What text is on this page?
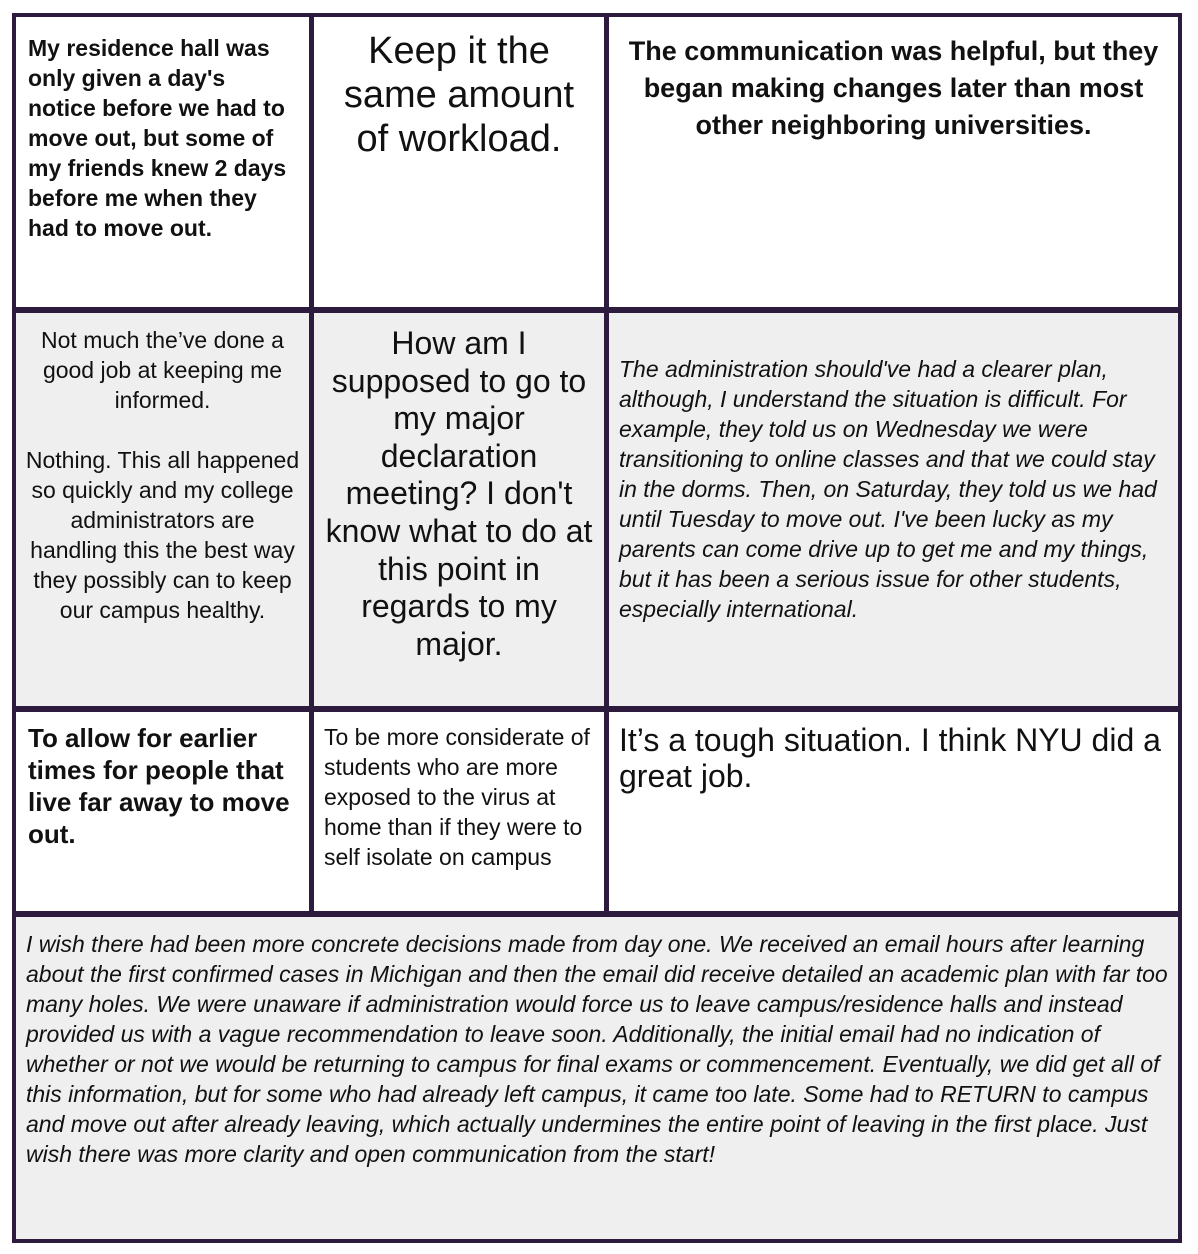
My residence hall was only given a day's notice before we had to move out, but some of my friends knew 2 days before me when they had to move out.
Keep it the same amount of workload.
The communication was helpful, but they began making changes later than most other neighboring universities.

Not much the’ve done a good job at keeping me informed.

Nothing. This all happened so quickly and my college administrators are handling this the best way they possibly can to keep our campus healthy.

How am I supposed to go to my major declaration meeting? I don't know what to do at this point in regards to my major.
The administration should've had a clearer plan, although, I understand the situation is difficult. For example, they told us on Wednesday we were transitioning to online classes and that we could stay in the dorms. Then, on Saturday, they told us we had until Tuesday to move out. I've been lucky as my parents can come drive up to get me and my things, but it has been a serious issue for other students, especially international.
To allow for earlier times for people that live far away to move out.
To be more considerate of students who are more exposed to the virus at home than if they were to self isolate on campus
It’s a tough situation. I think NYU did a great job.
I wish there had been more concrete decisions made from day one. We received an email hours after learning about the first confirmed cases in Michigan and then the email did receive detailed an academic plan with far too many holes. We were unaware if administration would force us to leave campus/residence halls and instead provided us with a vague recommendation to leave soon. Additionally, the initial email had no indication of whether or not we would be returning to campus for final exams or commencement. Eventually, we did get all of this information, but for some who had already left campus, it came too late. Some had to RETURN to campus and move out after already leaving, which actually undermines the entire point of leaving in the first place. Just wish there was more clarity and open communication from the start!
